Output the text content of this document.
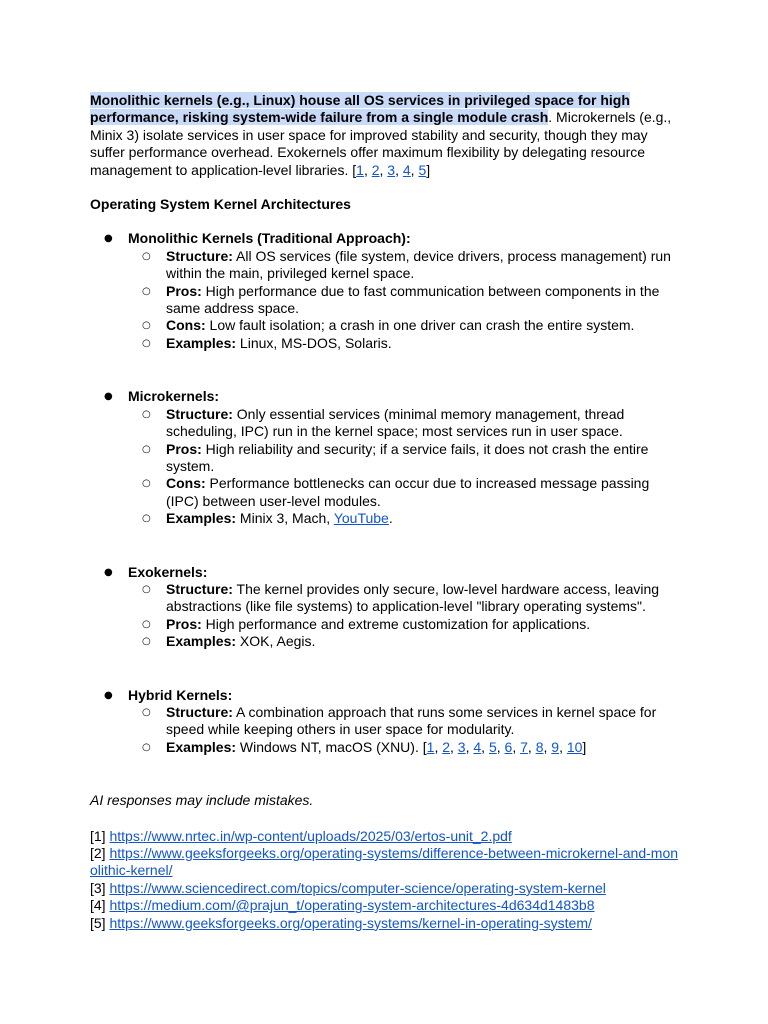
Monolithic kernels (e.g., Linux) house all OS services in privileged space for high performance, risking system-wide failure from a single module crash. Microkernels (e.g., Minix 3) isolate services in user space for improved stability and security, though they may suffer performance overhead. Exokernels offer maximum flexibility by delegating resource management to application-level libraries. [1, 2, 3, 4, 5]

Operating System Kernel Architectures

● Monolithic Kernels (Traditional Approach):
○ Structure: All OS services (file system, device drivers, process management) run within the main, privileged kernel space.
○ Pros: High performance due to fast communication between components in the same address space.
○ Cons: Low fault isolation; a crash in one driver can crash the entire system.
○ Examples: Linux, MS-DOS, Solaris.
● Microkernels:
○ Structure: Only essential services (minimal memory management, thread scheduling, IPC) run in the kernel space; most services run in user space.
○ Pros: High reliability and security; if a service fails, it does not crash the entire system.
○ Cons: Performance bottlenecks can occur due to increased message passing (IPC) between user-level modules.
○ Examples: Minix 3, Mach, YouTube.
● Exokernels:
○ Structure: The kernel provides only secure, low-level hardware access, leaving abstractions (like file systems) to application-level "library operating systems".
○ Pros: High performance and extreme customization for applications.
○ Examples: XOK, Aegis.
● Hybrid Kernels:
○ Structure: A combination approach that runs some services in kernel space for speed while keeping others in user space for modularity.
○ Examples: Windows NT, macOS (XNU). [1, 2, 3, 4, 5, 6, 7, 8, 9, 10]

AI responses may include mistakes.

[1] https://www.nrtec.in/wp-content/uploads/2025/03/ertos-unit_2.pdf
[2] https://www.geeksforgeeks.org/operating-systems/difference-between-microkernel-and-monolithic-kernel/
[3] https://www.sciencedirect.com/topics/computer-science/operating-system-kernel
[4] https://medium.com/@prajun_t/operating-system-architectures-4d634d1483b8
[5] https://www.geeksforgeeks.org/operating-systems/kernel-in-operating-system/
